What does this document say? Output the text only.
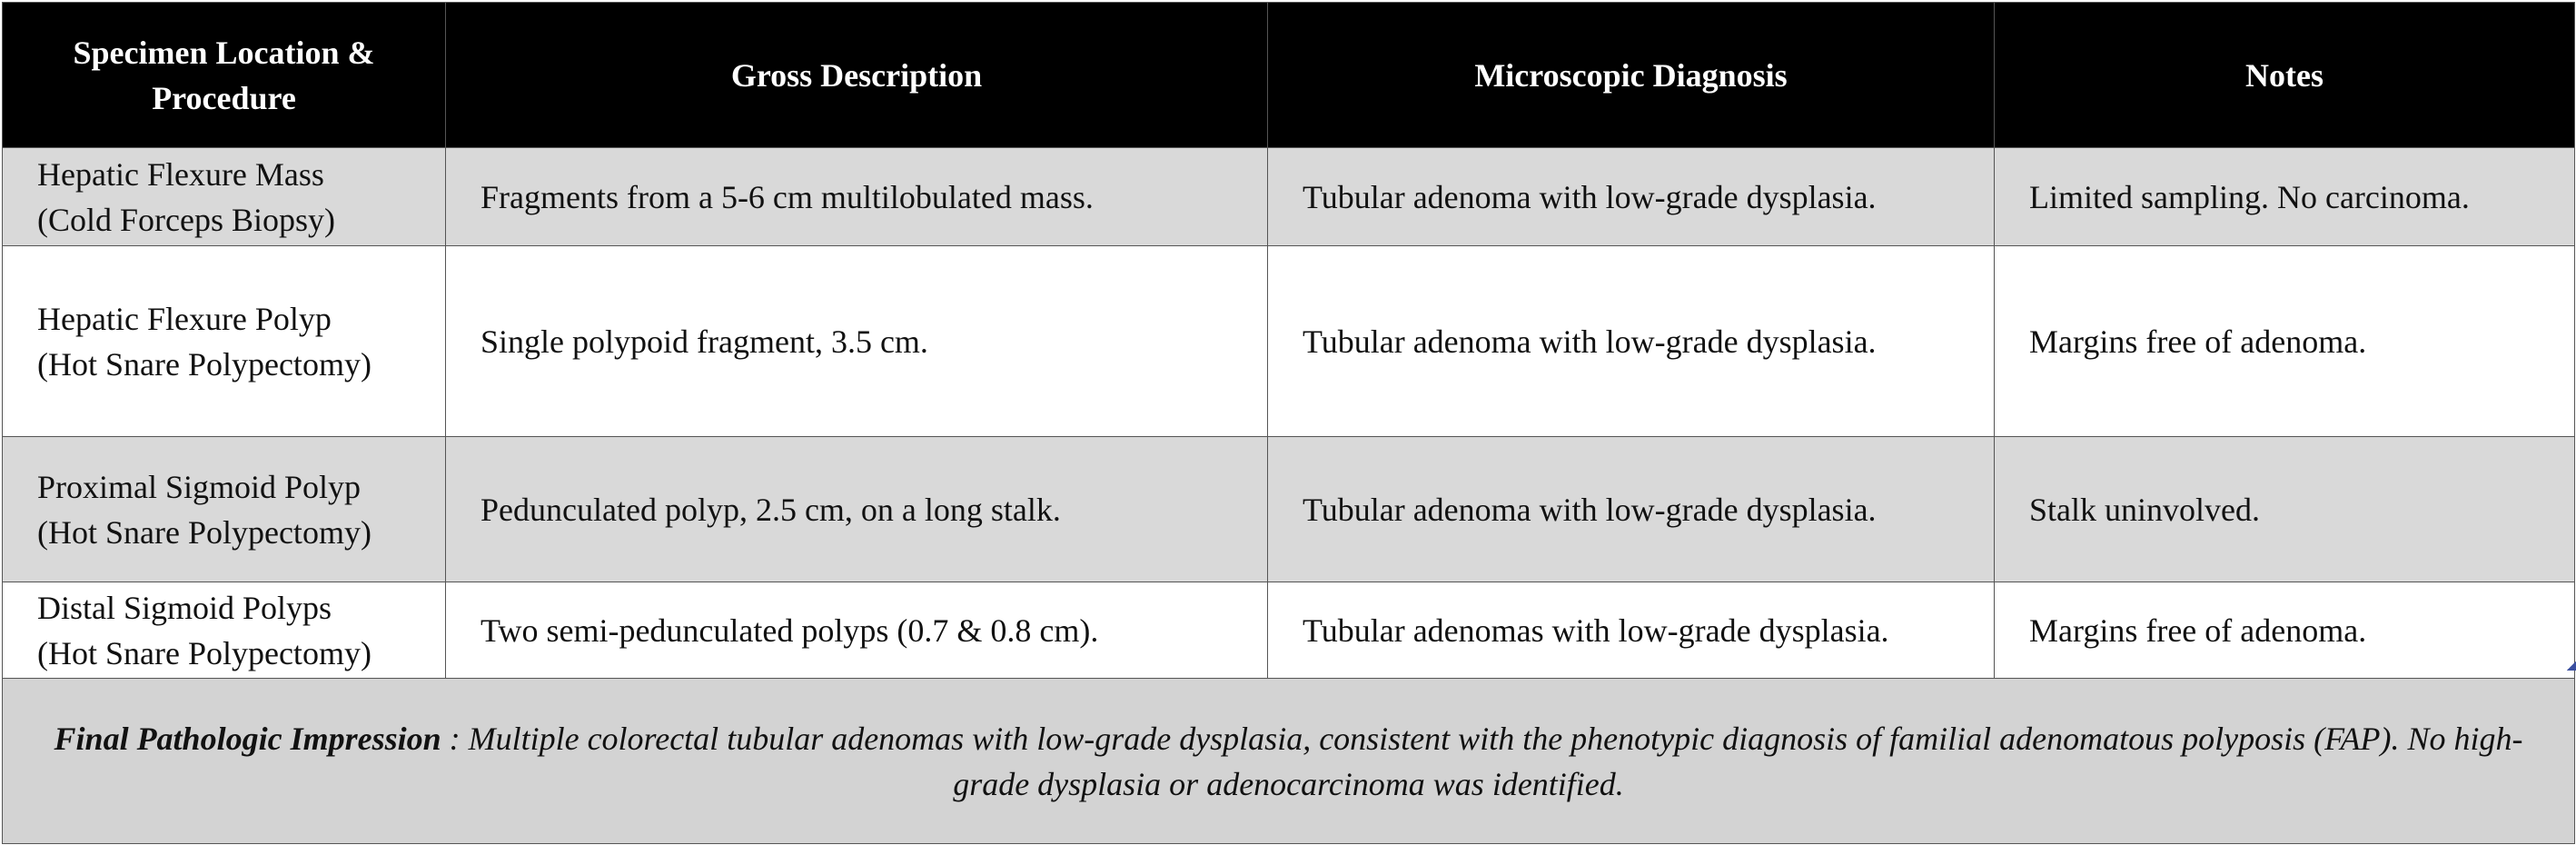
Specimen Location & Procedure	Gross Description	Microscopic Diagnosis	Notes

Hepatic Flexure Mass
(Cold Forceps Biopsy)	Fragments from a 5-6 cm multilobulated mass.	Tubular adenoma with low-grade dysplasia.	Limited sampling. No carcinoma.

Hepatic Flexure Polyp
(Hot Snare Polypectomy)	Single polypoid fragment, 3.5 cm.	Tubular adenoma with low-grade dysplasia.	Margins free of adenoma.

Proximal Sigmoid Polyp
(Hot Snare Polypectomy)	Pedunculated polyp, 2.5 cm, on a long stalk.	Tubular adenoma with low-grade dysplasia.	Stalk uninvolved.

Distal Sigmoid Polyps
(Hot Snare Polypectomy)	Two semi-pedunculated polyps (0.7 & 0.8 cm).	Tubular adenomas with low-grade dysplasia.	Margins free of adenoma.
Final Pathologic Impression : Multiple colorectal tubular adenomas with low-grade dysplasia, consistent with the phenotypic diagnosis of familial adenomatous polyposis (FAP). No high-grade dysplasia or adenocarcinoma was identified.			
